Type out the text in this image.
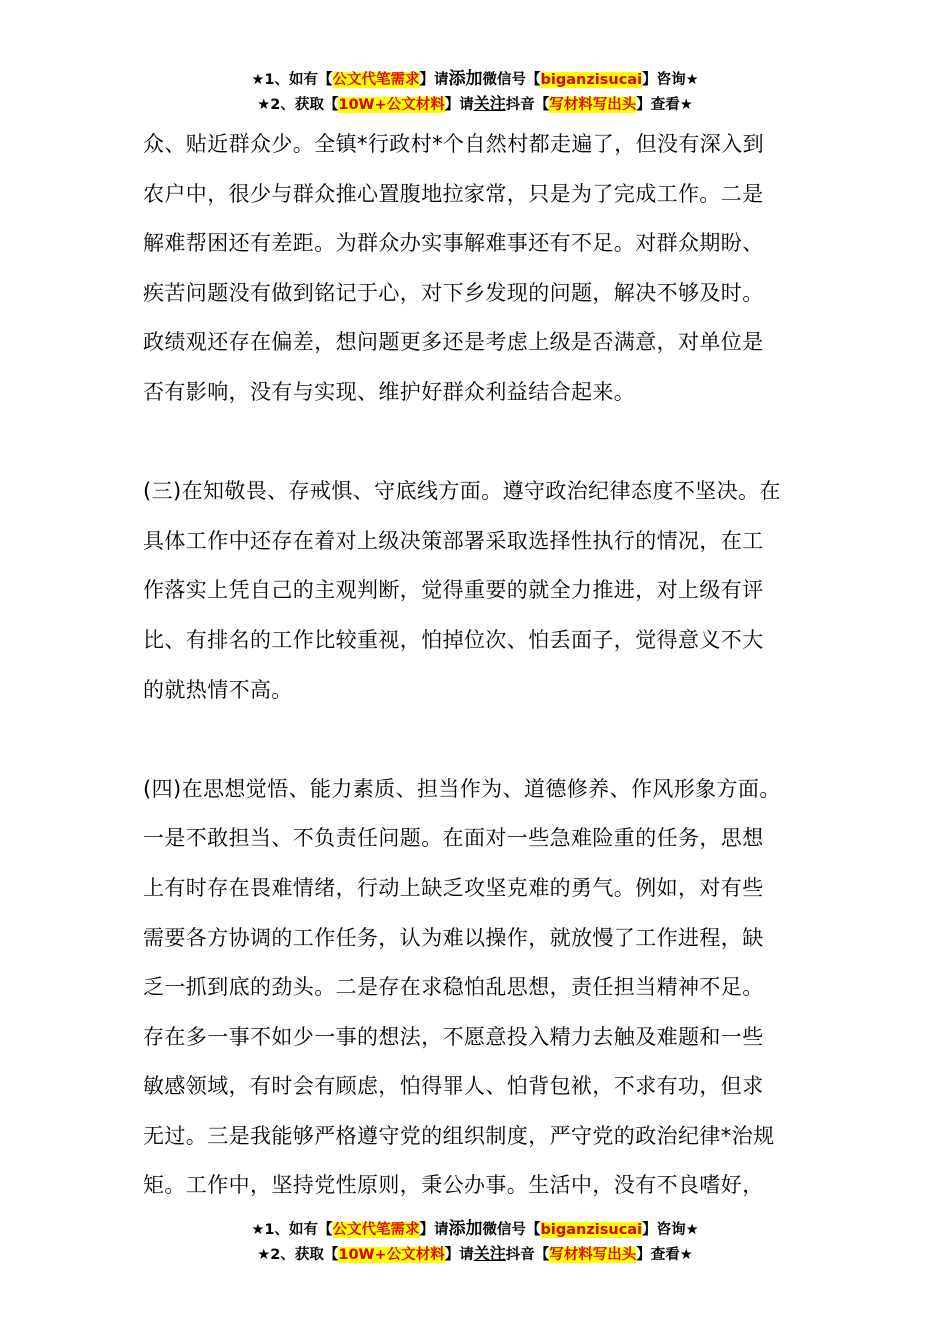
★1、如有【公文代笔需求】请添加微信号【biganzisucai】咨询★
★2、获取【10W+公文材料】请关注抖音【写材料写出头】查看★
众、贴近群众少。全镇*行政村*个自然村都走遍了，但没有深入到
农户中，很少与群众推心置腹地拉家常，只是为了完成工作。二是
解难帮困还有差距。为群众办实事解难事还有不足。对群众期盼、
疾苦问题没有做到铭记于心，对下乡发现的问题，解决不够及时。
政绩观还存在偏差，想问题更多还是考虑上级是否满意，对单位是
否有影响，没有与实现、维护好群众利益结合起来。
(三)在知敬畏、存戒惧、守底线方面。遵守政治纪律态度不坚决。在
具体工作中还存在着对上级决策部署采取选择性执行的情况，在工
作落实上凭自己的主观判断，觉得重要的就全力推进，对上级有评
比、有排名的工作比较重视，怕掉位次、怕丢面子，觉得意义不大
的就热情不高。
(四)在思想觉悟、能力素质、担当作为、道德修养、作风形象方面。
一是不敢担当、不负责任问题。在面对一些急难险重的任务，思想
上有时存在畏难情绪，行动上缺乏攻坚克难的勇气。例如，对有些
需要各方协调的工作任务，认为难以操作，就放慢了工作进程，缺
乏一抓到底的劲头。二是存在求稳怕乱思想，责任担当精神不足。
存在多一事不如少一事的想法，不愿意投入精力去触及难题和一些
敏感领域，有时会有顾虑，怕得罪人、怕背包袱，不求有功，但求
无过。三是我能够严格遵守党的组织制度，严守党的政治纪律*治规
矩。工作中，坚持党性原则，秉公办事。生活中，没有不良嗜好，
★1、如有【公文代笔需求】请添加微信号【biganzisucai】咨询★
★2、获取【10W+公文材料】请关注抖音【写材料写出头】查看★
